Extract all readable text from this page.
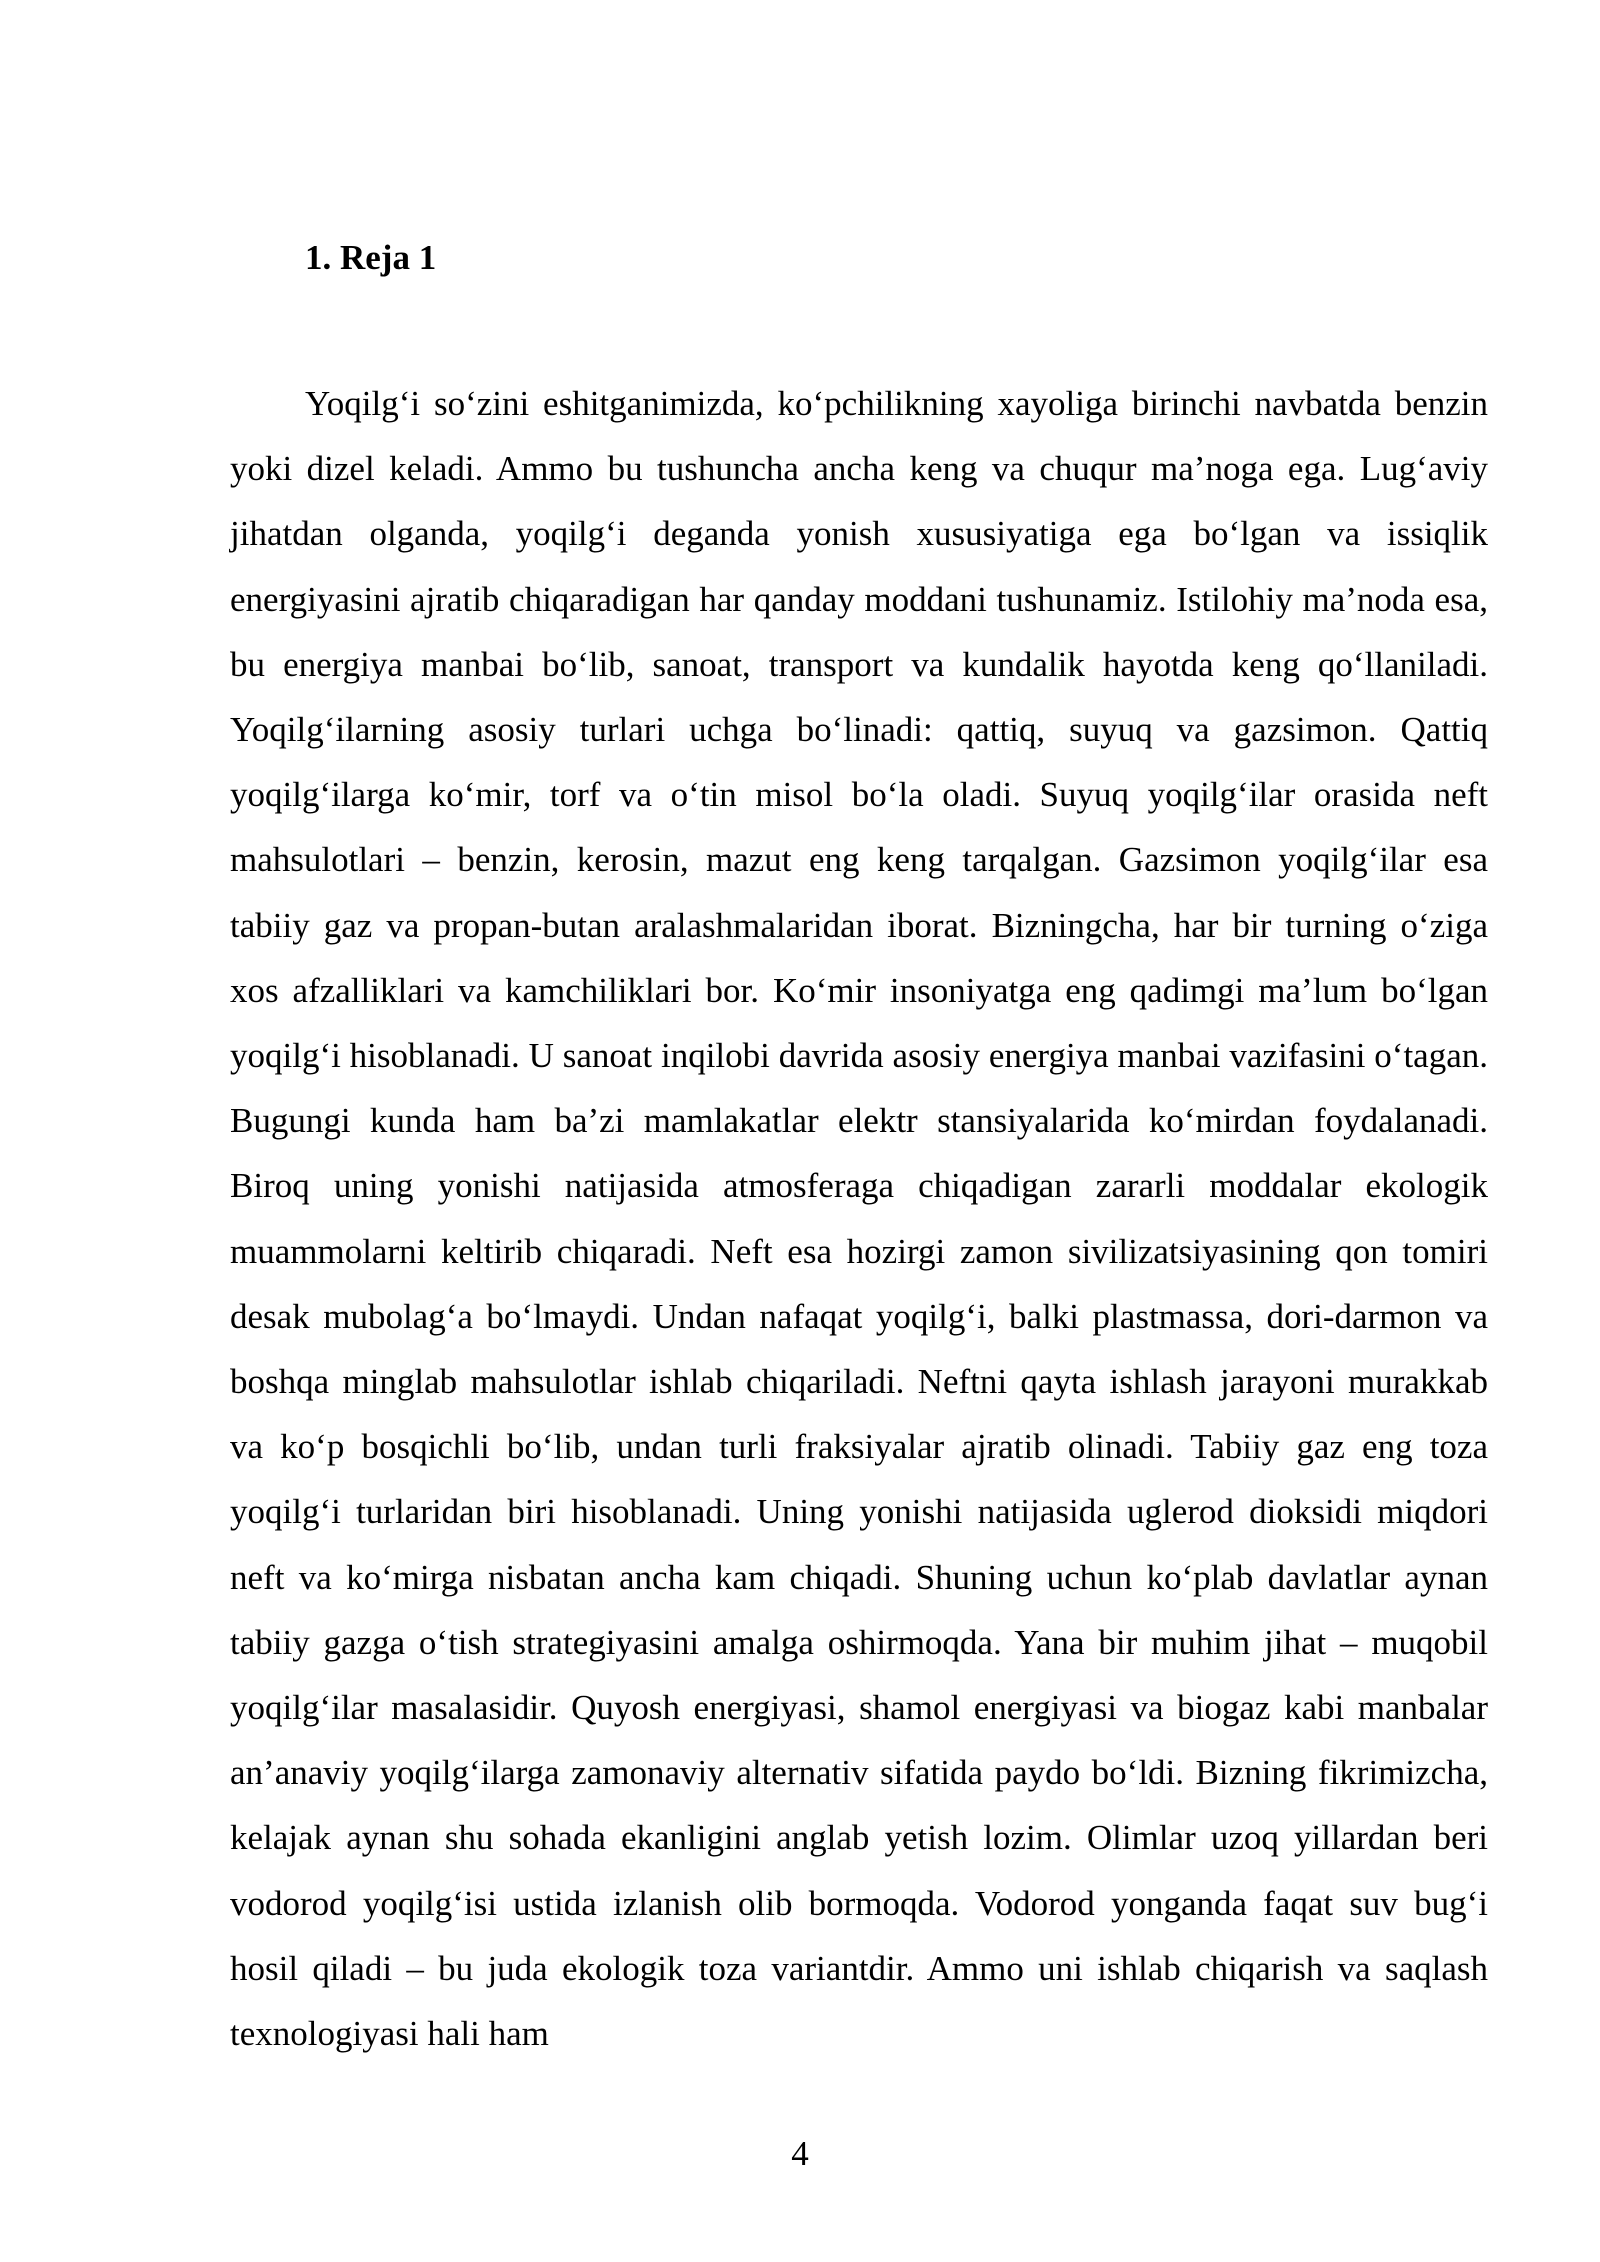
1. Reja 1

Yoqilg‘i so‘zini eshitganimizda, ko‘pchilikning xayoliga birinchi navbatda benzin yoki dizel keladi. Ammo bu tushuncha ancha keng va chuqur ma’noga ega. Lug‘aviy jihatdan olganda, yoqilg‘i deganda yonish xususiyatiga ega bo‘lgan va issiqlik energiyasini ajratib chiqaradigan har qanday moddani tushunamiz. Istilohiy ma’noda esa, bu energiya manbai bo‘lib, sanoat, transport va kundalik hayotda keng qo‘llaniladi. Yoqilg‘ilarning asosiy turlari uchga bo‘linadi: qattiq, suyuq va gazsimon. Qattiq yoqilg‘ilarga ko‘mir, torf va o‘tin misol bo‘la oladi. Suyuq yoqilg‘ilar orasida neft mahsulotlari – benzin, kerosin, mazut eng keng tarqalgan. Gazsimon yoqilg‘ilar esa tabiiy gaz va propan-butan aralashmalaridan iborat. Bizningcha, har bir turning o‘ziga xos afzalliklari va kamchiliklari bor. Ko‘mir insoniyatga eng qadimgi ma’lum bo‘lgan yoqilg‘i hisoblanadi. U sanoat inqilobi davrida asosiy energiya manbai vazifasini o‘tagan. Bugungi kunda ham ba’zi mamlakatlar elektr stansiyalarida ko‘mirdan foydalanadi. Biroq uning yonishi natijasida atmosferaga chiqadigan zararli moddalar ekologik muammolarni keltirib chiqaradi. Neft esa hozirgi zamon sivilizatsiyasining qon tomiri desak mubolag‘a bo‘lmaydi. Undan nafaqat yoqilg‘i, balki plastmassa, dori-darmon va boshqa minglab mahsulotlar ishlab chiqariladi. Neftni qayta ishlash jarayoni murakkab va ko‘p bosqichli bo‘lib, undan turli fraksiyalar ajratib olinadi. Tabiiy gaz eng toza yoqilg‘i turlaridan biri hisoblanadi. Uning yonishi natijasida uglerod dioksidi miqdori neft va ko‘mirga nisbatan ancha kam chiqadi. Shuning uchun ko‘plab davlatlar aynan tabiiy gazga o‘tish strategiyasini amalga oshirmoqda. Yana bir muhim jihat – muqobil yoqilg‘ilar masalasidir. Quyosh energiyasi, shamol energiyasi va biogaz kabi manbalar an’anaviy yoqilg‘ilarga zamonaviy alternativ sifatida paydo bo‘ldi. Bizning fikrimizcha, kelajak aynan shu sohada ekanligini anglab yetish lozim. Olimlar uzoq yillardan beri vodorod yoqilg‘isi ustida izlanish olib bormoqda. Vodorod yonganda faqat suv bug‘i hosil qiladi – bu juda ekologik toza variantdir. Ammo uni ishlab chiqarish va saqlash texnologiyasi hali ham

4
